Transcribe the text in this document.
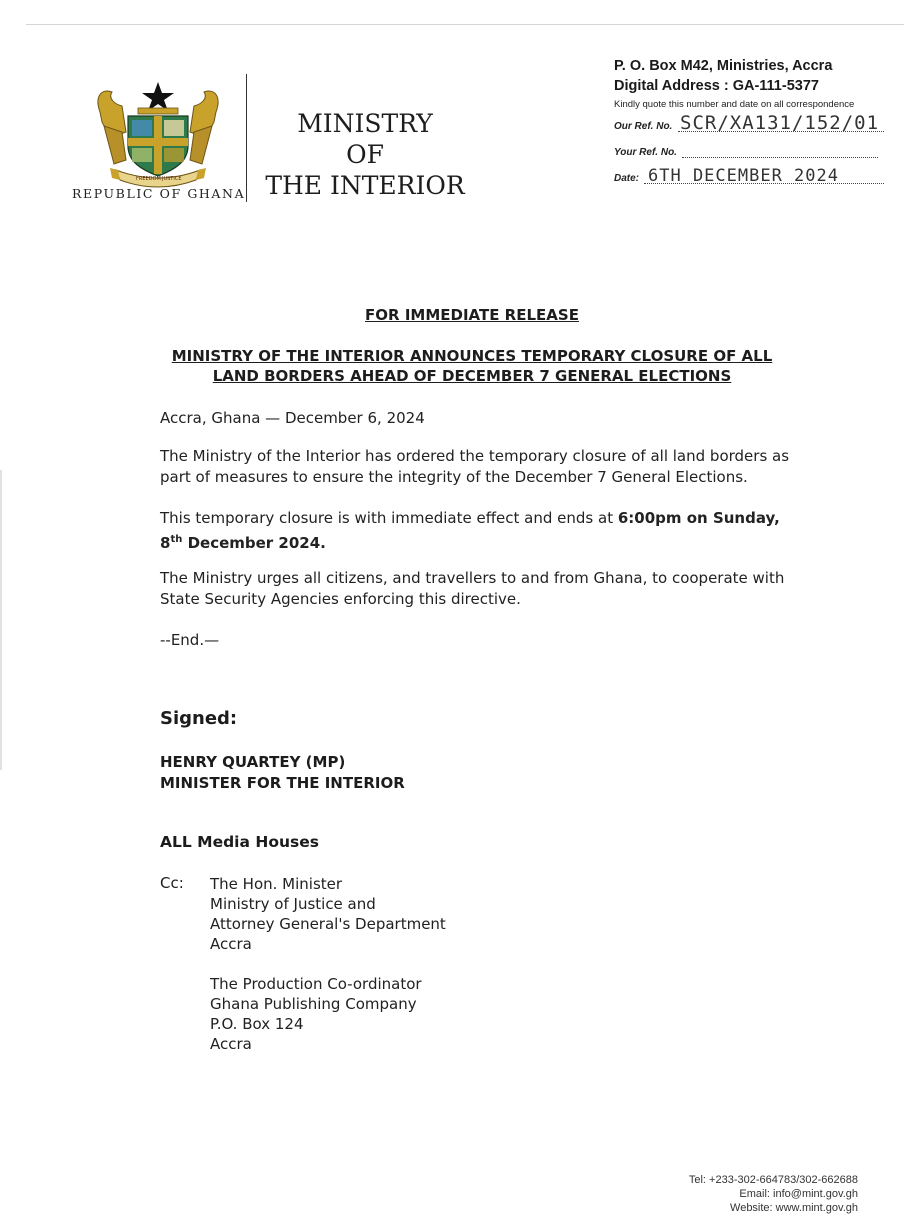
FREEDOM JUSTICE
REPUBLIC OF GHANA
MINISTRY
OF
THE INTERIOR
P. O. Box M42, Ministries, Accra
Digital Address : GA-111-5377
Kindly quote this number and date on all correspondence
Our Ref. No. SCR/XA131/152/01
Your Ref. No.
Date: 6TH DECEMBER 2024
FOR IMMEDIATE RELEASE
MINISTRY OF THE INTERIOR ANNOUNCES TEMPORARY CLOSURE OF ALL
LAND BORDERS AHEAD OF DECEMBER 7 GENERAL ELECTIONS
Accra, Ghana — December 6, 2024
The Ministry of the Interior has ordered the temporary closure of all land borders as
part of measures to ensure the integrity of the December 7 General Elections.
This temporary closure is with immediate effect and ends at 6:00pm on Sunday,
8th December 2024.
The Ministry urges all citizens, and travellers to and from Ghana, to cooperate with
State Security Agencies enforcing this directive.
--End.—
Signed:
HENRY QUARTEY (MP)
MINISTER FOR THE INTERIOR
ALL Media Houses
Cc: The Hon. Minister
Ministry of Justice and
Attorney General's Department
Accra
The Production Co-ordinator
Ghana Publishing Company
P.O. Box 124
Accra
Tel: +233-302-664783/302-662688
Email: info@mint.gov.gh
Website: www.mint.gov.gh
